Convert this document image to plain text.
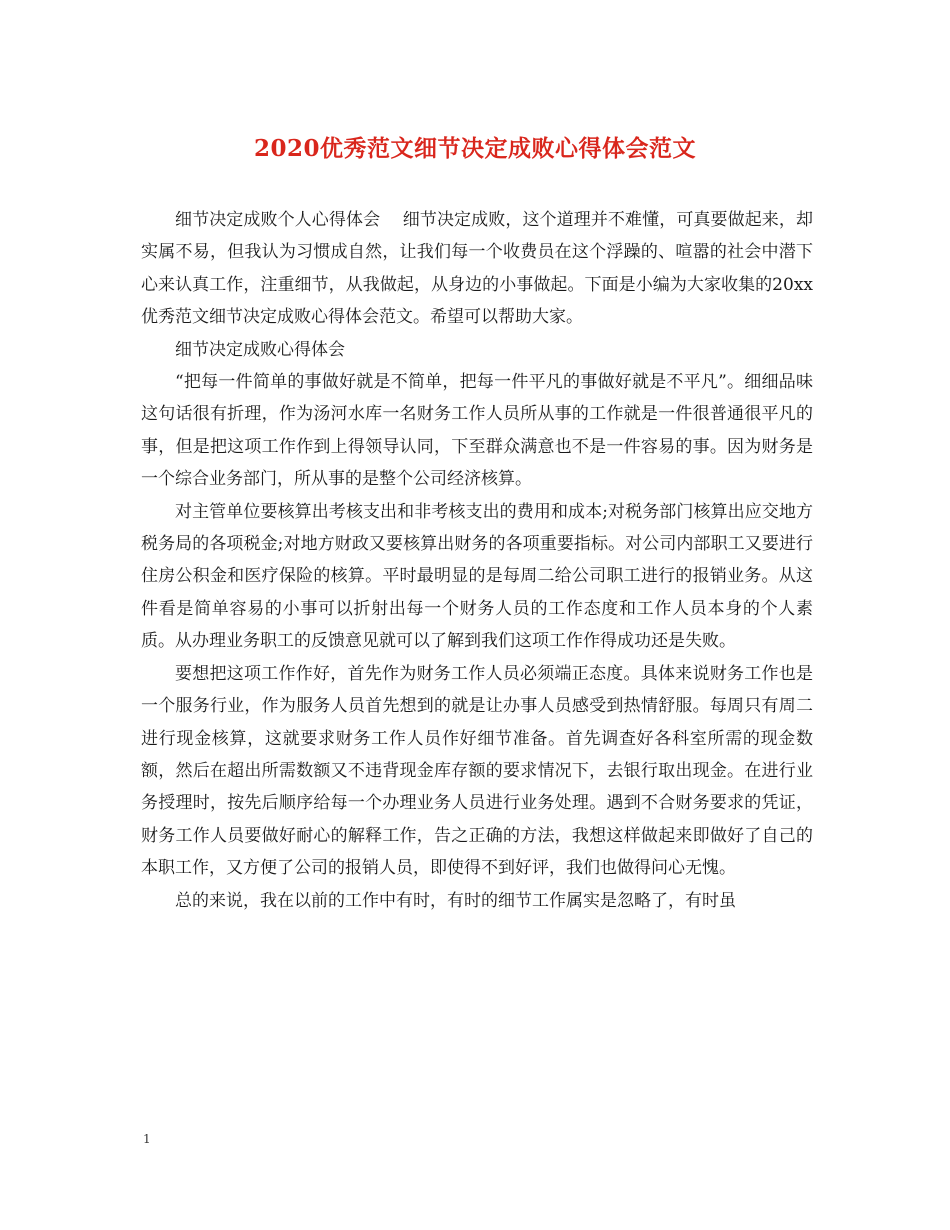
2020优秀范文细节决定成败心得体会范文

细节决定成败个人心得体会 　细节决定成败，这个道理并不难懂，可真要做起来，却实属不易，但我认为习惯成自然，让我们每一个收费员在这个浮躁的、喧嚣的社会中潜下心来认真工作，注重细节，从我做起，从身边的小事做起。下面是小编为大家收集的20xx优秀范文细节决定成败心得体会范文。希望可以帮助大家。

细节决定成败心得体会

“把每一件简单的事做好就是不简单，把每一件平凡的事做好就是不平凡”。细细品味这句话很有折理，作为汤河水库一名财务工作人员所从事的工作就是一件很普通很平凡的事，但是把这项工作作到上得领导认同，下至群众满意也不是一件容易的事。因为财务是一个综合业务部门，所从事的是整个公司经济核算。

对主管单位要核算出考核支出和非考核支出的费用和成本;对税务部门核算出应交地方税务局的各项税金;对地方财政又要核算出财务的各项重要指标。对公司内部职工又要进行住房公积金和医疗保险的核算。平时最明显的是每周二给公司职工进行的报销业务。从这件看是简单容易的小事可以折射出每一个财务人员的工作态度和工作人员本身的个人素质。从办理业务职工的反馈意见就可以了解到我们这项工作作得成功还是失败。

要想把这项工作作好，首先作为财务工作人员必须端正态度。具体来说财务工作也是一个服务行业，作为服务人员首先想到的就是让办事人员感受到热情舒服。每周只有周二进行现金核算，这就要求财务工作人员作好细节准备。首先调查好各科室所需的现金数额，然后在超出所需数额又不违背现金库存额的要求情况下，去银行取出现金。在进行业务授理时，按先后顺序给每一个办理业务人员进行业务处理。遇到不合财务要求的凭证，财务工作人员要做好耐心的解释工作，告之正确的方法，我想这样做起来即做好了自己的本职工作，又方便了公司的报销人员，即使得不到好评，我们也做得问心无愧。

总的来说，我在以前的工作中有时，有时的细节工作属实是忽略了，有时虽

1
